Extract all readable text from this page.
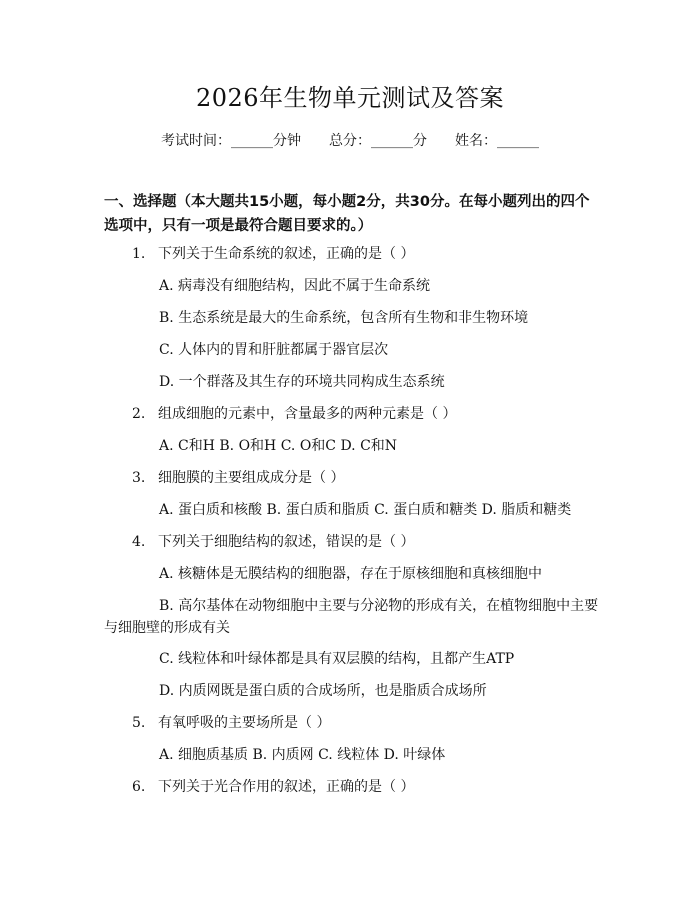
2026年生物单元测试及答案
考试时间：______分钟 总分：______分 姓名：______
一、选择题（本大题共15小题，每小题2分，共30分。在每小题列出的四个选项中，只有一项是最符合题目要求的。）
1. 下列关于生命系统的叙述，正确的是（ ）
A. 病毒没有细胞结构，因此不属于生命系统
B. 生态系统是最大的生命系统，包含所有生物和非生物环境
C. 人体内的胃和肝脏都属于器官层次
D. 一个群落及其生存的环境共同构成生态系统
2. 组成细胞的元素中，含量最多的两种元素是（ ）
A. C和H B. O和H C. O和C D. C和N
3. 细胞膜的主要组成成分是（ ）
A. 蛋白质和核酸 B. 蛋白质和脂质 C. 蛋白质和糖类 D. 脂质和糖类
4. 下列关于细胞结构的叙述，错误的是（ ）
A. 核糖体是无膜结构的细胞器，存在于原核细胞和真核细胞中
B. 高尔基体在动物细胞中主要与分泌物的形成有关，在植物细胞中主要与细胞壁的形成有关
C. 线粒体和叶绿体都是具有双层膜的结构，且都产生ATP
D. 内质网既是蛋白质的合成场所，也是脂质合成场所
5. 有氧呼吸的主要场所是（ ）
A. 细胞质基质 B. 内质网 C. 线粒体 D. 叶绿体
6. 下列关于光合作用的叙述，正确的是（ ）
